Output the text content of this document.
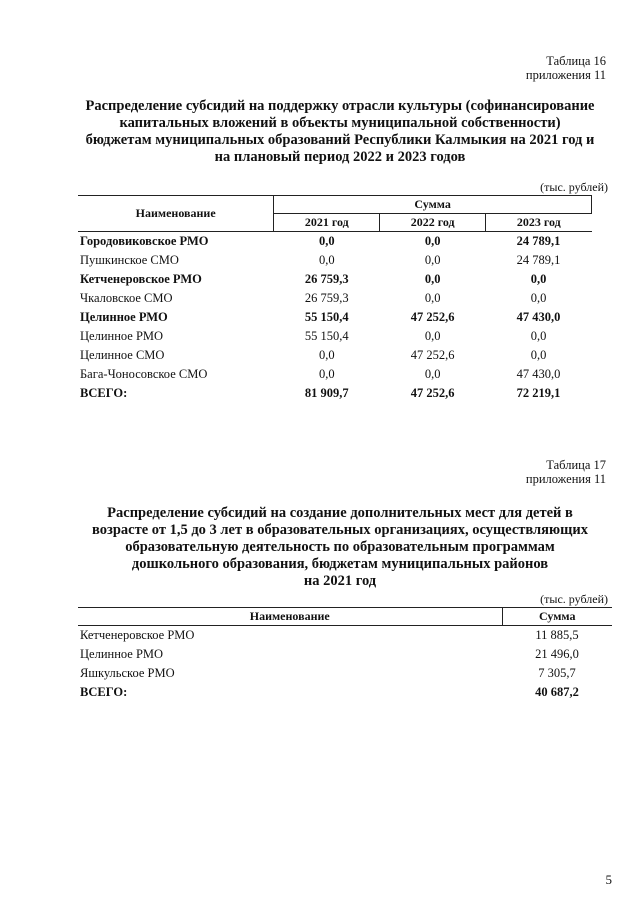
Таблица 16
приложения 11
Распределение субсидий на поддержку отрасли культуры (софинансирование
капитальных вложений в объекты муниципальной собственности)
бюджетам муниципальных образований Республики Калмыкия на 2021 год и
на плановый период 2022 и 2023 годов
(тыс. рублей)
Наименование	Сумма		
	2021 год	2022 год	2023 год
Городовиковское РМО	0,0	0,0	24 789,1
Пушкинское СМО	0,0	0,0	24 789,1
Кетченеровское РМО	26 759,3	0,0	0,0
Чкаловское СМО	26 759,3	0,0	0,0
Целинное РМО	55 150,4	47 252,6	47 430,0
Целинное РМО	55 150,4	0,0	0,0
Целинное СМО	0,0	47 252,6	0,0
Бага-Чоносовское СМО	0,0	0,0	47 430,0
ВСЕГО:	81 909,7	47 252,6	72 219,1
Таблица 17
приложения 11
Распределение субсидий на создание дополнительных мест для детей в
возрасте от 1,5 до 3 лет в образовательных организациях, осуществляющих
образовательную деятельность по образовательным программам
дошкольного образования, бюджетам муниципальных районов
на 2021 год
(тыс. рублей)
Наименование	Сумма
Кетченеровское РМО	11 885,5
Целинное РМО	21 496,0
Яшкульское РМО	7 305,7
ВСЕГО:	40 687,2
5
